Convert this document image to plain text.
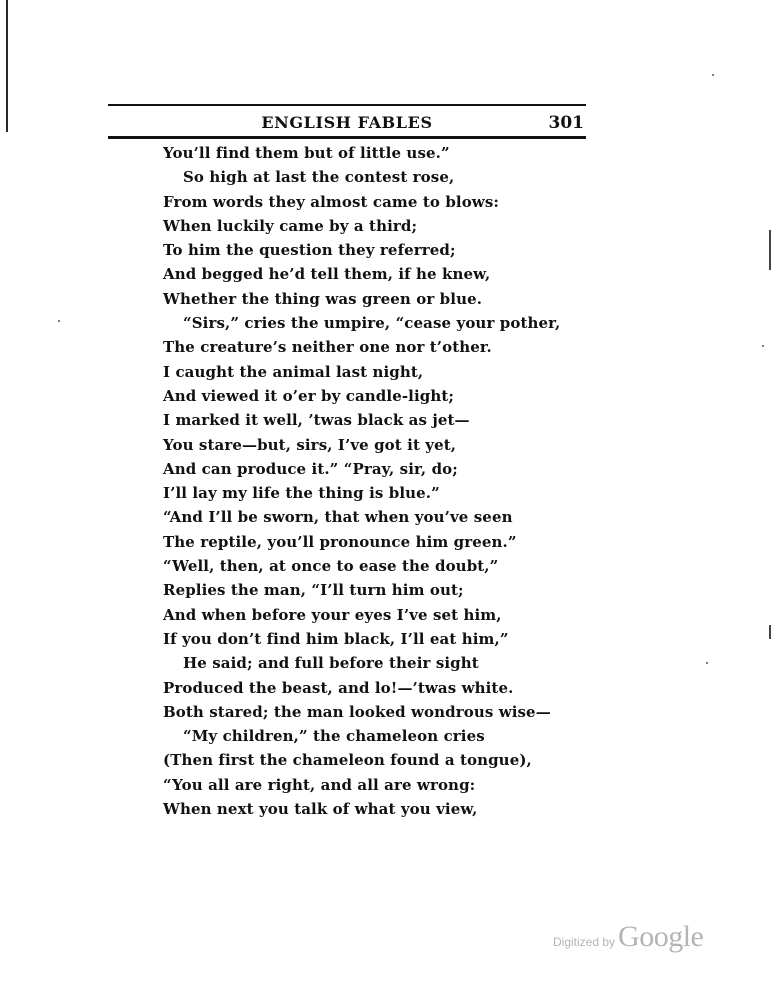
ENGLISH FABLES	301
You’ll find them but of little use.”
So high at last the contest rose,
From words they almost came to blows:
When luckily came by a third;
To him the question they referred;
And begged he’d tell them, if he knew,
Whether the thing was green or blue.
“Sirs,” cries the umpire, “cease your pother,
The creature’s neither one nor t’other.
I caught the animal last night,
And viewed it o’er by candle-light;
I marked it well, ’twas black as jet—
You stare—but, sirs, I’ve got it yet,
And can produce it.” “Pray, sir, do;
I’ll lay my life the thing is blue.”
“And I’ll be sworn, that when you’ve seen
The reptile, you’ll pronounce him green.”
“Well, then, at once to ease the doubt,”
Replies the man, “I’ll turn him out;
And when before your eyes I’ve set him,
If you don’t find him black, I’ll eat him,”
He said; and full before their sight
Produced the beast, and lo!—’twas white.
Both stared; the man looked wondrous wise—
“My children,” the chameleon cries
(Then first the chameleon found a tongue),
“You all are right, and all are wrong:
When next you talk of what you view,
Digitized by Google
